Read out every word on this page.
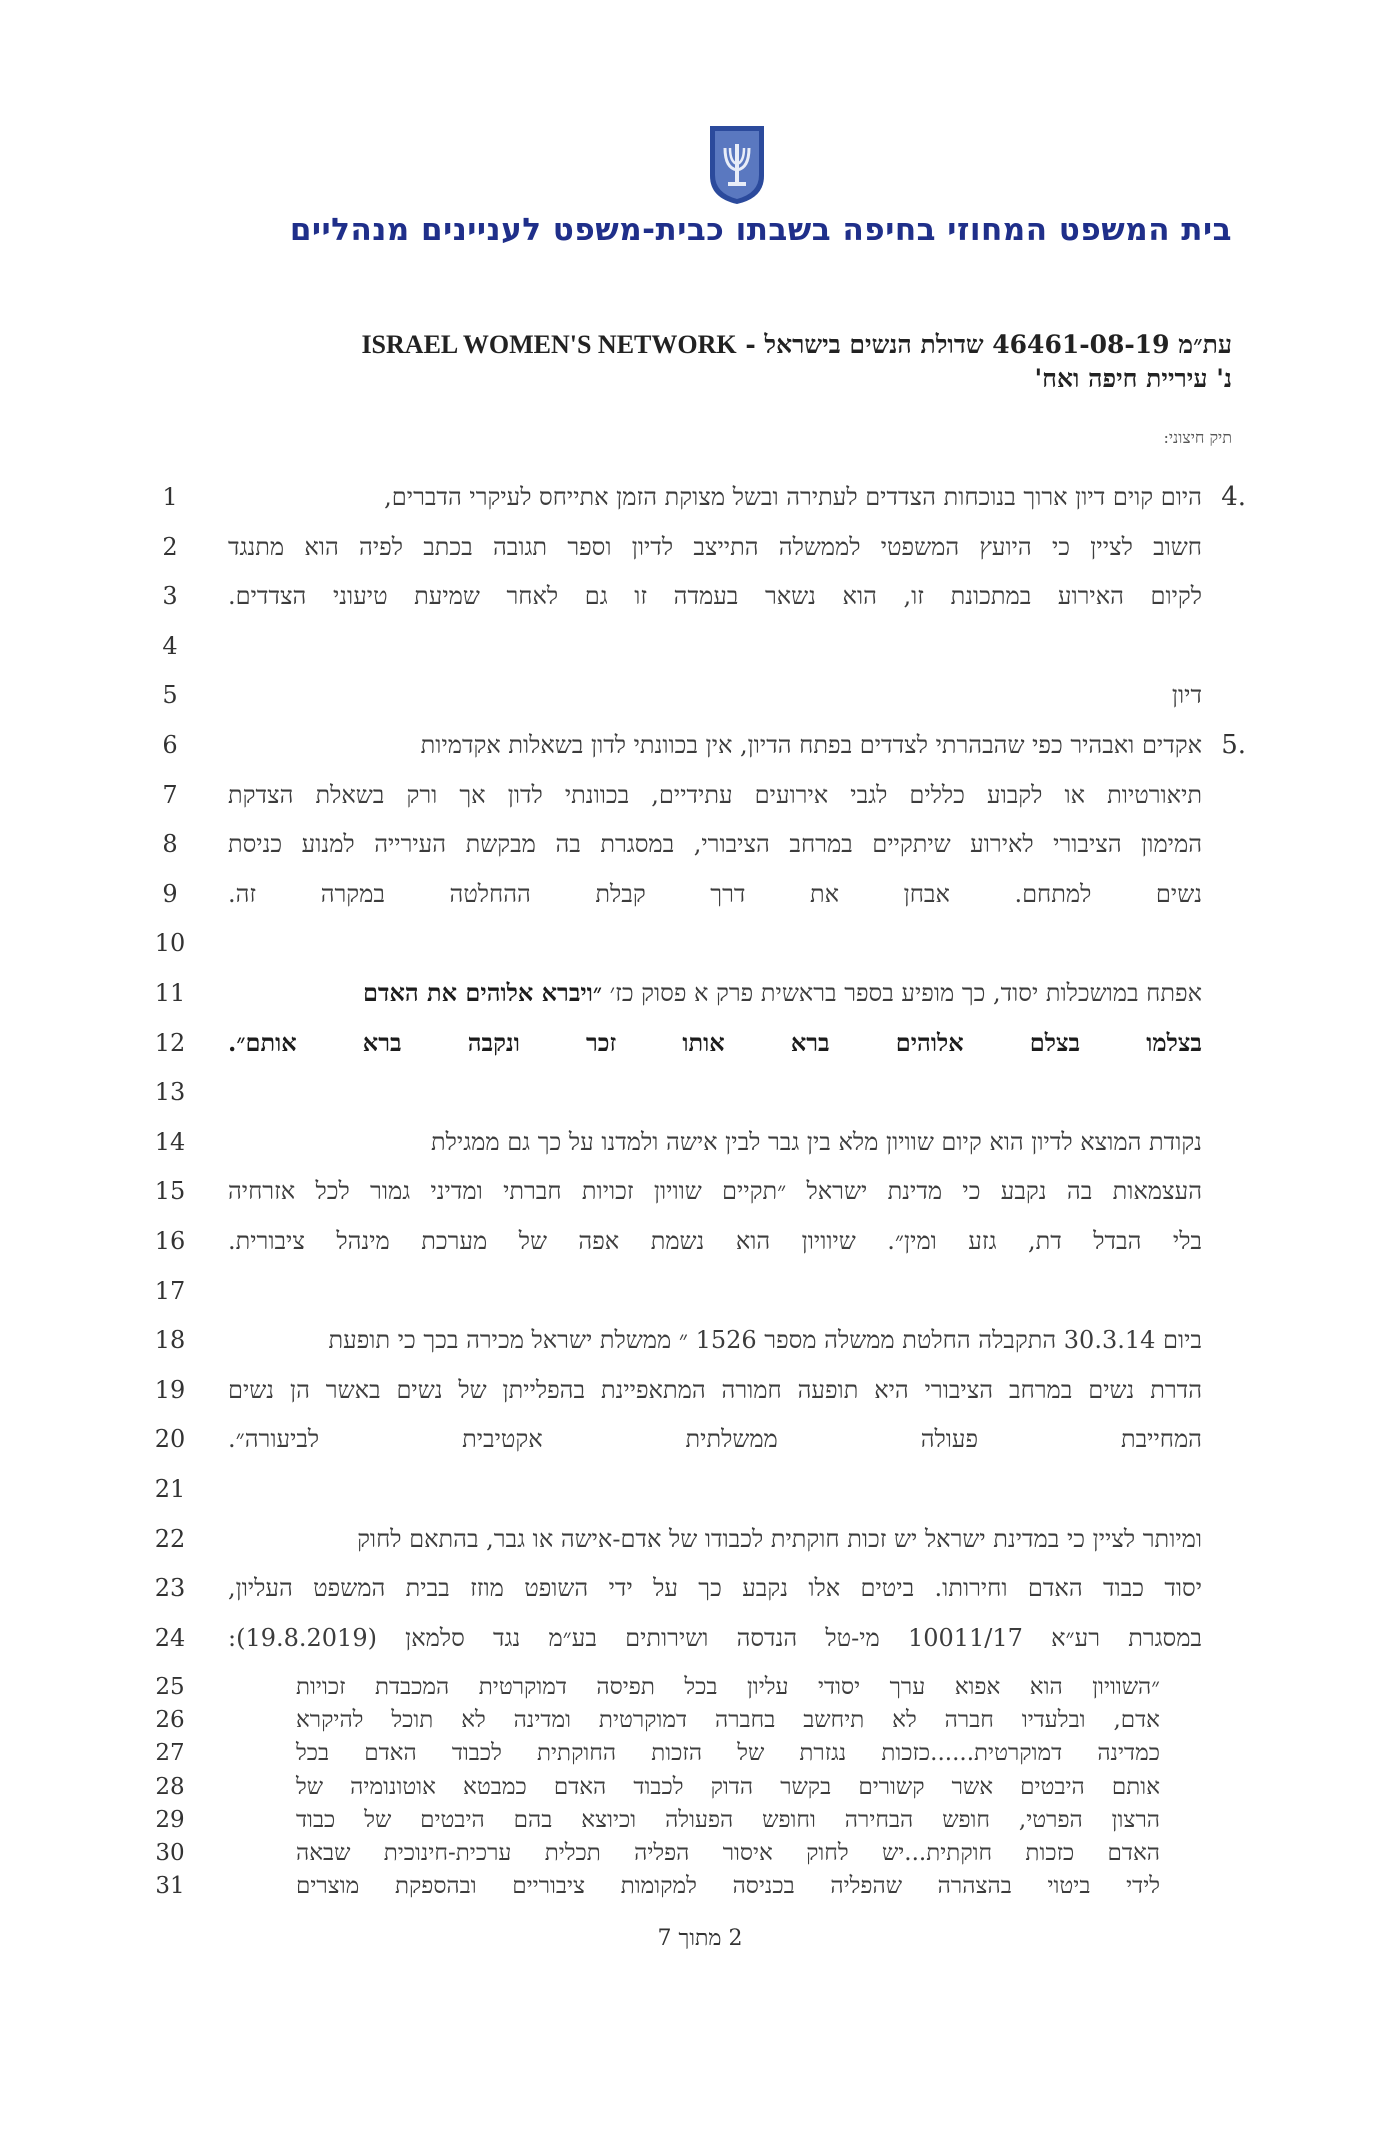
בית המשפט המחוזי בחיפה בשבתו כבית-משפט לעניינים מנהליים
עת״מ 46461-08-19 שדולת הנשים בישראל - ISRAEL WOMEN'S NETWORK
נ' עיריית חיפה ואח'
תיק חיצוני:
1	4.
היום קוים דיון ארוך בנוכחות הצדדים לעתירה ובשל מצוקת הזמן אתייחס לעיקרי הדברים,
2	חשוב לציין כי היועץ המשפטי לממשלה התייצב לדיון וספר תגובה בכתב לפיה הוא מתנגד
3	לקיום האירוע במתכונת זו, הוא נשאר בעמדה זו גם לאחר שמיעת טיעוני הצדדים.
4
5	דיון
6	5.
אקדים ואבהיר כפי שהבהרתי לצדדים בפתח הדיון, אין בכוונתי לדון בשאלות אקדמיות
7	תיאורטיות או לקבוע כללים לגבי אירועים עתידיים, בכוונתי לדון אך ורק בשאלת הצדקת
8	המימון הציבורי לאירוע שיתקיים במרחב הציבורי, במסגרת בה מבקשת העירייה למנוע כניסת
9	נשים למתחם. אבחן את דרך קבלת ההחלטה במקרה זה.
10
11	אפתח במושכלות יסוד, כך מופיע בספר בראשית פרק א פסוק כז׳ ״ויברא אלוהים את האדם
12 בצלמו בצלם אלוהים ברא אותו זכר ונקבה ברא אותם״.
13
14	נקודת המוצא לדיון הוא קיום שוויון מלא בין גבר לבין אישה ולמדנו על כך גם ממגילת
15 העצמאות בה נקבע כי מדינת ישראל ״תקיים שוויון זכויות חברתי ומדיני גמור לכל אזרחיה
16 בלי הבדל דת, גזע ומין״. שיוויון הוא נשמת אפה של מערכת מינהל ציבורית.
17
18	ביום 30.3.14 התקבלה החלטת ממשלה מספר 1526 ״ ממשלת ישראל מכירה בכך כי תופעת
19 הדרת נשים במרחב הציבורי היא תופעה חמורה המתאפיינת בהפלייתן של נשים באשר הן נשים
20 המחייבת פעולה ממשלתית אקטיבית לביעורה״.
21
22	ומיותר לציין כי במדינת ישראל יש זכות חוקתית לכבודו של אדם-אישה או גבר, בהתאם לחוק
23 יסוד כבוד האדם וחירותו. ביטים אלו נקבע כך על ידי השופט מוזז בבית המשפט העליון,
24 במסגרת רע״א 10011/17 מי-טל הנדסה ושירותים בע״מ נגד סלמאן (19.8.2019):
25	״השוויון הוא אפוא ערך יסודי עליון בכל תפיסה דמוקרטית המכבדת זכויות
26	אדם, ובלעדיו חברה לא תיחשב בחברה דמוקרטית ומדינה לא תוכל להיקרא
27	כמדינה דמוקרטית......כזכות נגזרת של הזכות החוקתית לכבוד האדם בכל
28	אותם היבטים אשר קשורים בקשר הדוק לכבוד האדם כמבטא אוטונומיה של
29	הרצון הפרטי, חופש הבחירה וחופש הפעולה וכיוצא בהם היבטים של כבוד
30	האדם כזכות חוקתית...יש לחוק איסור הפליה תכלית ערכית-חינוכית שבאה
31	לידי ביטוי בהצהרה שהפליה בכניסה למקומות ציבוריים ובהספקת מוצרים
2 מתוך 7
